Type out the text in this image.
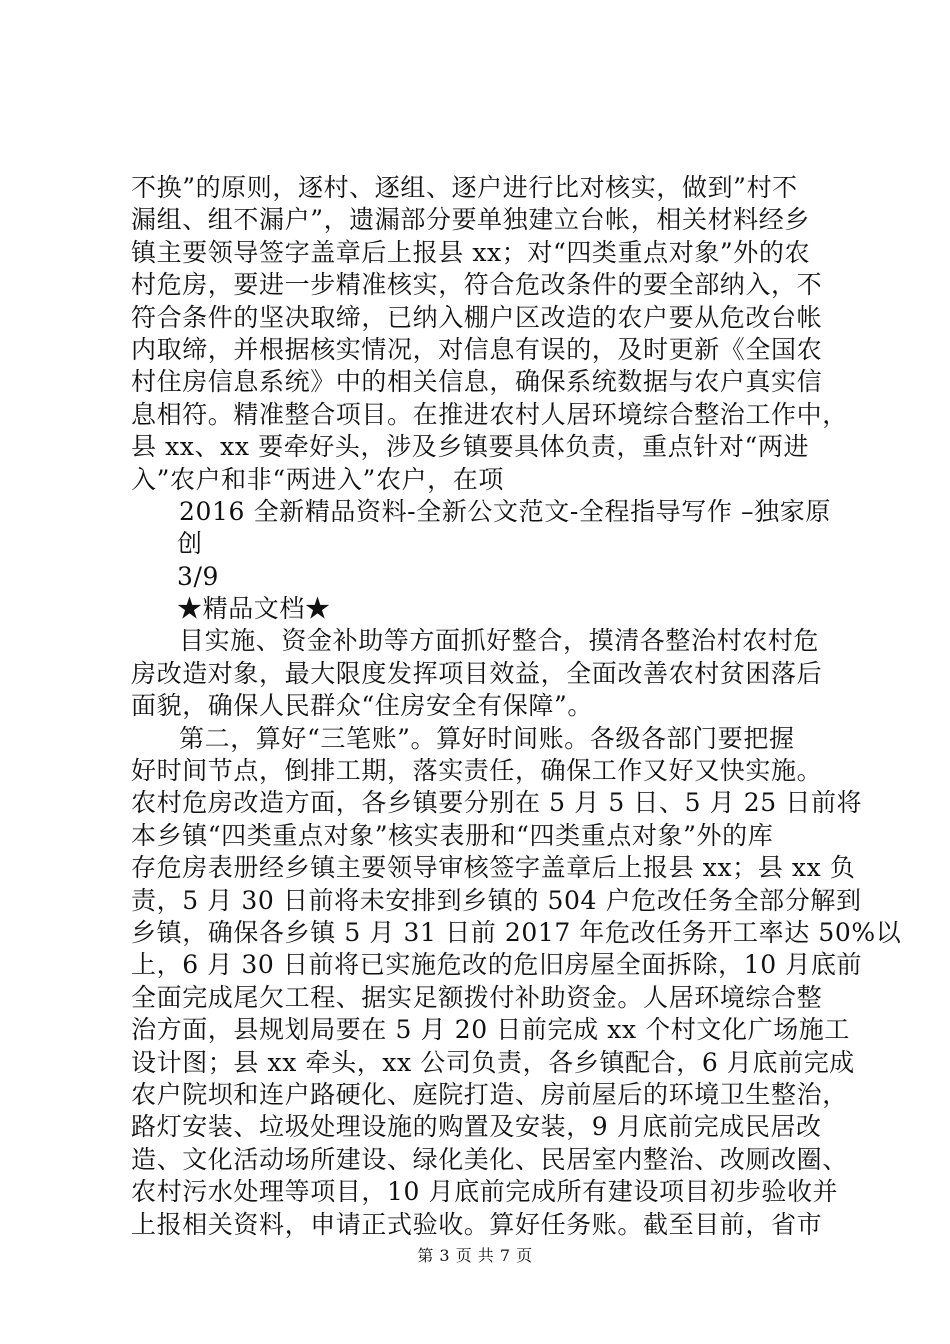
不换”的原则，逐村、逐组、逐户进行比对核实，做到”村不
漏组、组不漏户”，遗漏部分要单独建立台帐，相关材料经乡
镇主要领导签字盖章后上报县 xx；对“四类重点对象”外的农
村危房，要进一步精准核实，符合危改条件的要全部纳入，不
符合条件的坚决取缔，已纳入棚户区改造的农户要从危改台帐
内取缔，并根据核实情况，对信息有误的，及时更新《全国农
村住房信息系统》中的相关信息，确保系统数据与农户真实信
息相符。精准整合项目。在推进农村人居环境综合整治工作中，
县 xx、xx 要牵好头，涉及乡镇要具体负责，重点针对“两进
入”农户和非“两进入”农户，在项
2016 全新精品资料-全新公文范文-全程指导写作 –独家原
创
3/9
★精品文档★
目实施、资金补助等方面抓好整合，摸清各整治村农村危
房改造对象，最大限度发挥项目效益，全面改善农村贫困落后
面貌，确保人民群众“住房安全有保障”。
第二，算好“三笔账”。算好时间账。各级各部门要把握
好时间节点，倒排工期，落实责任，确保工作又好又快实施。
农村危房改造方面，各乡镇要分别在 5 月 5 日、5 月 25 日前将
本乡镇“四类重点对象”核实表册和“四类重点对象”外的库
存危房表册经乡镇主要领导审核签字盖章后上报县 xx；县 xx 负
责，5 月 30 日前将未安排到乡镇的 504 户危改任务全部分解到
乡镇，确保各乡镇 5 月 31 日前 2017 年危改任务开工率达 50%以
上，6 月 30 日前将已实施危改的危旧房屋全面拆除，10 月底前
全面完成尾欠工程、据实足额拨付补助资金。人居环境综合整
治方面，县规划局要在 5 月 20 日前完成 xx 个村文化广场施工
设计图；县 xx 牵头，xx 公司负责，各乡镇配合，6 月底前完成
农户院坝和连户路硬化、庭院打造、房前屋后的环境卫生整治，
路灯安装、垃圾处理设施的购置及安装，9 月底前完成民居改
造、文化活动场所建设、绿化美化、民居室内整治、改厕改圈、
农村污水处理等项目，10 月底前完成所有建设项目初步验收并
上报相关资料，申请正式验收。算好任务账。截至目前，省市
第 3 页 共 7 页
